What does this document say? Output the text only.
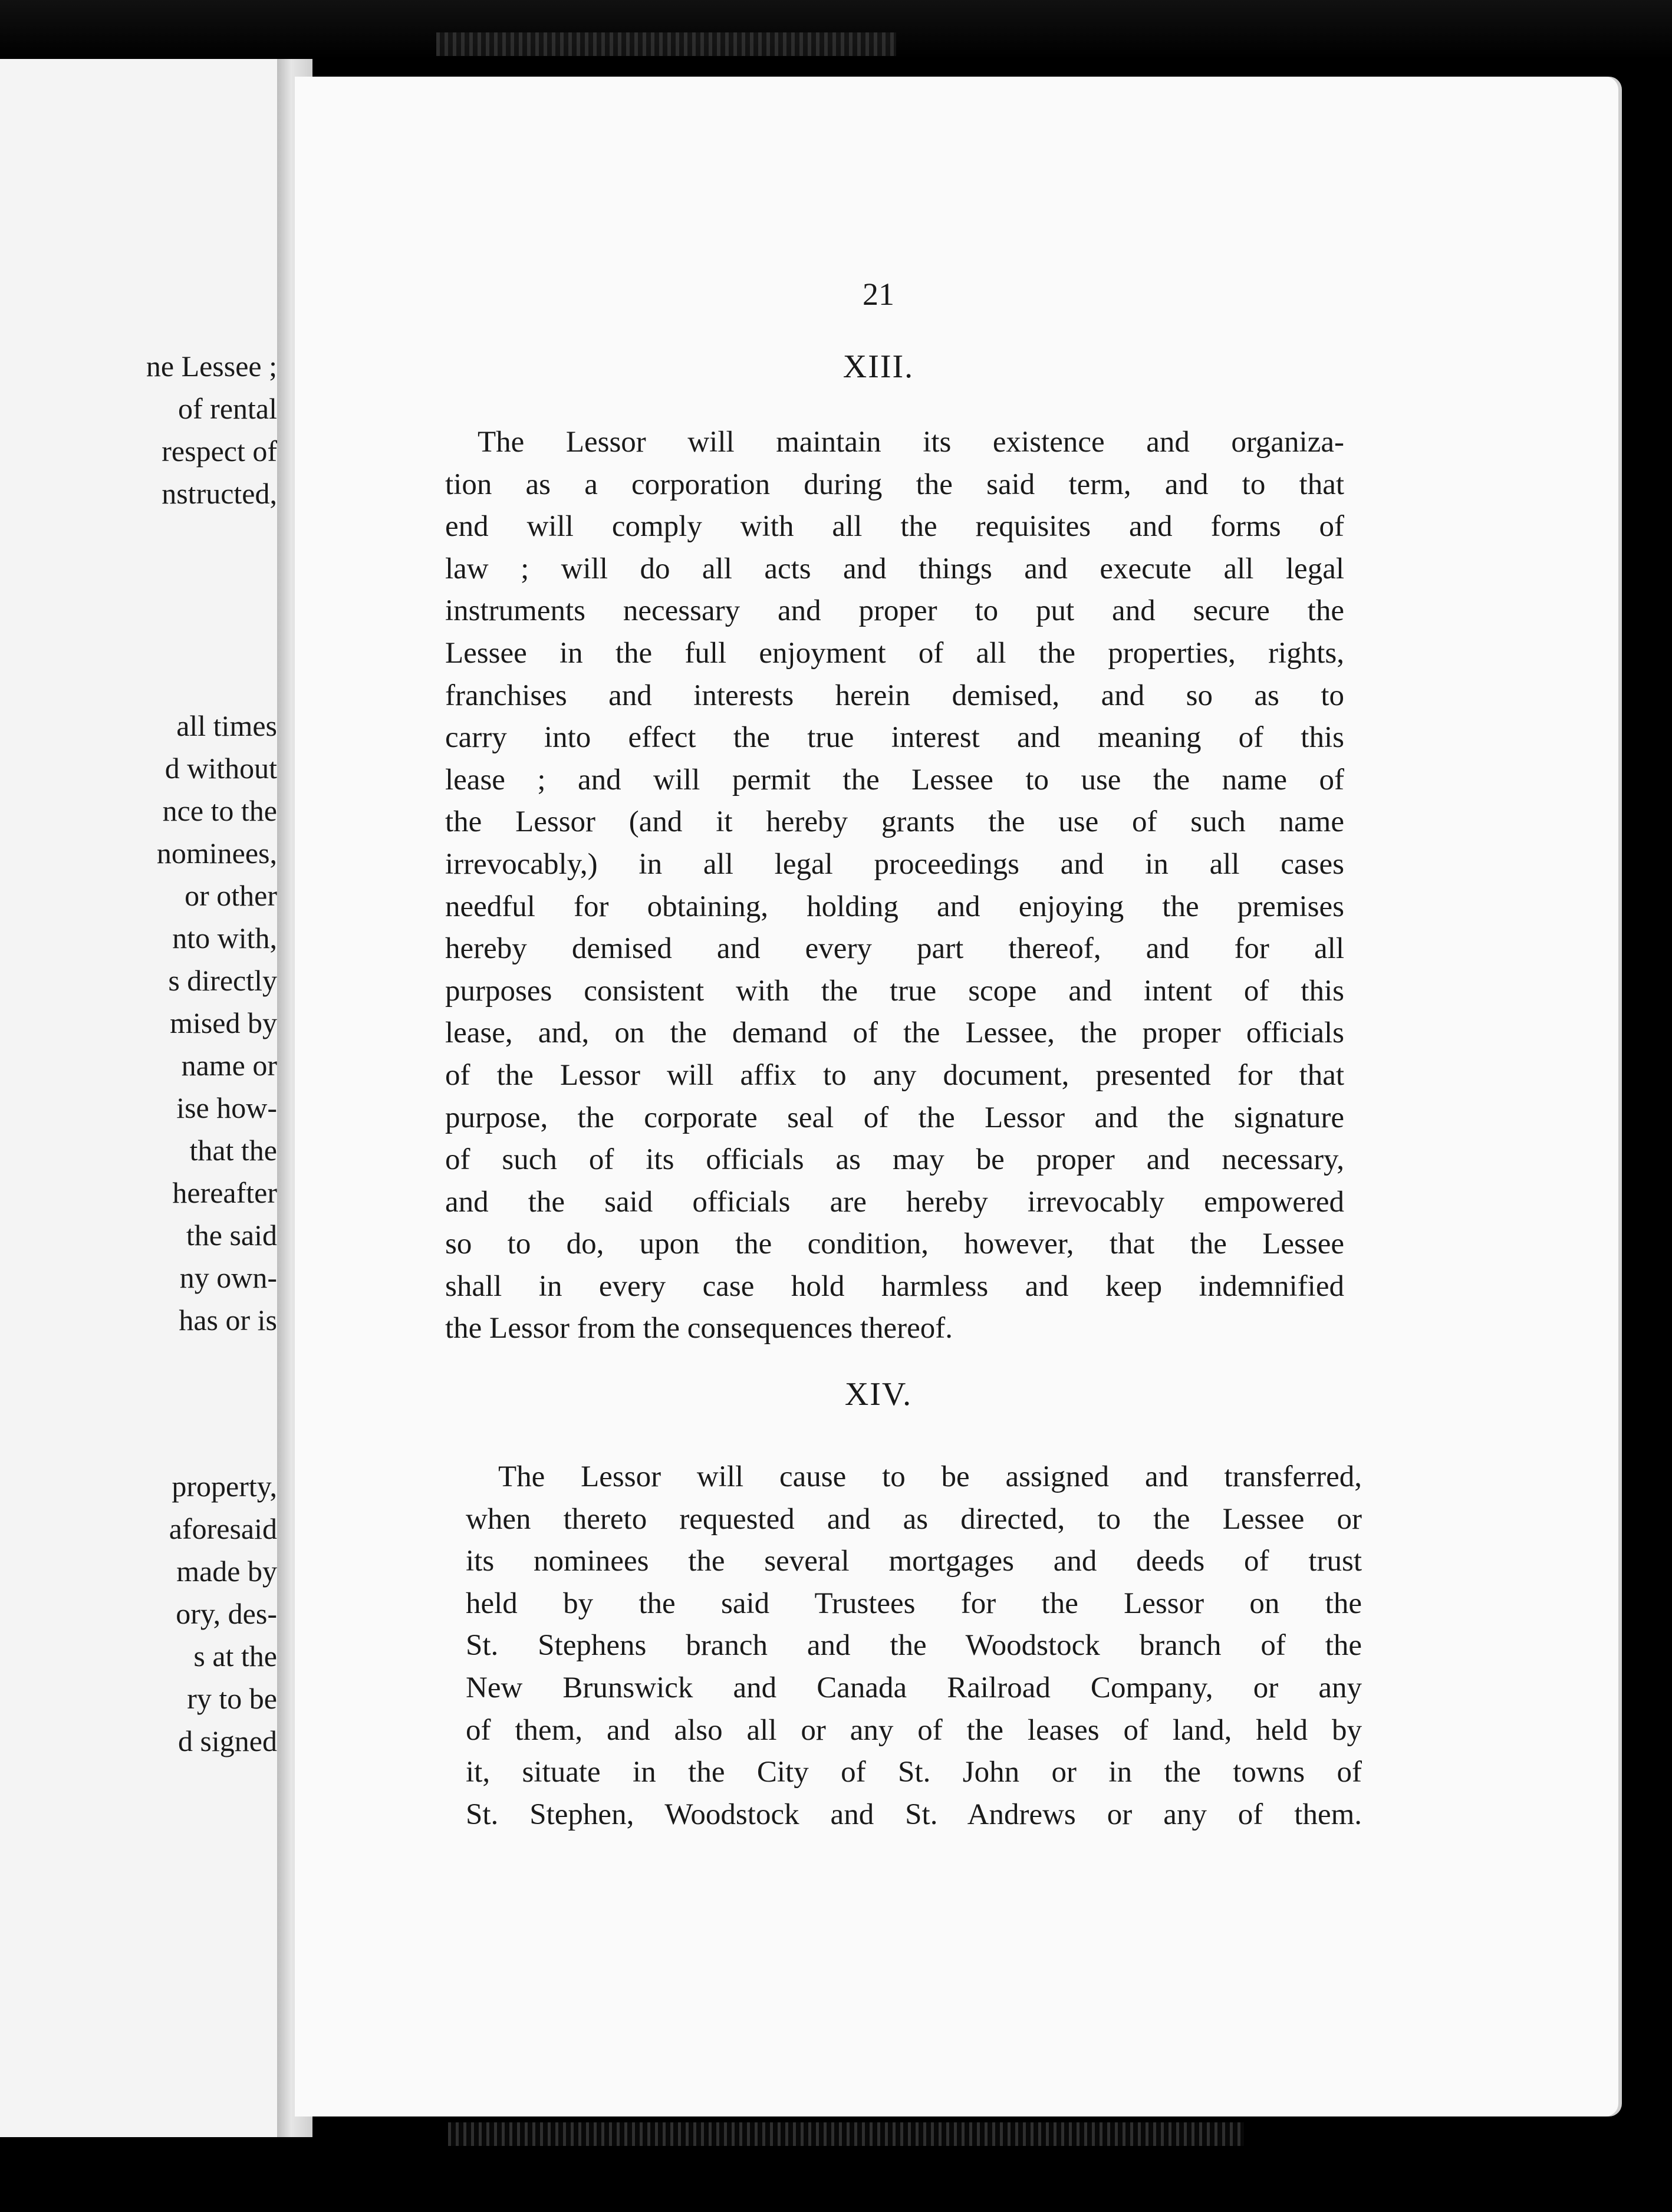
ne Lessee ;
of rental
respect of
nstructed,
all times
d without
nce to the
nominees,
or other
nto with,
s directly
mised by
name or
ise how-
that the
hereafter
the said
ny own-
has or is
property,
aforesaid
made by
ory, des-
s at the
ry to be
d signed
21
XIII.
The Lessor will maintain its existence and organiza-
tion as a corporation during the said term, and to that
end will comply with all the requisites and forms of
law ; will do all acts and things and execute all legal
instruments necessary and proper to put and secure the
Lessee in the full enjoyment of all the properties, rights,
franchises and interests herein demised, and so as to
carry into effect the true interest and meaning of this
lease ; and will permit the Lessee to use the name of
the Lessor (and it hereby grants the use of such name
irrevocably,) in all legal proceedings and in all cases
needful for obtaining, holding and enjoying the premises
hereby demised and every part thereof, and for all
purposes consistent with the true scope and intent of this
lease, and, on the demand of the Lessee, the proper officials
of the Lessor will affix to any document, presented for that
purpose, the corporate seal of the Lessor and the signature
of such of its officials as may be proper and necessary,
and the said officials are hereby irrevocably empowered
so to do, upon the condition, however, that the Lessee
shall in every case hold harmless and keep indemnified
the Lessor from the consequences thereof.
XIV.
The Lessor will cause to be assigned and transferred,
when thereto requested and as directed, to the Lessee or
its nominees the several mortgages and deeds of trust
held by the said Trustees for the Lessor on the
St. Stephens branch and the Woodstock branch of the
New Brunswick and Canada Railroad Company, or any
of them, and also all or any of the leases of land, held by
it, situate in the City of St. John or in the towns of
St. Stephen, Woodstock and St. Andrews or any of them.
